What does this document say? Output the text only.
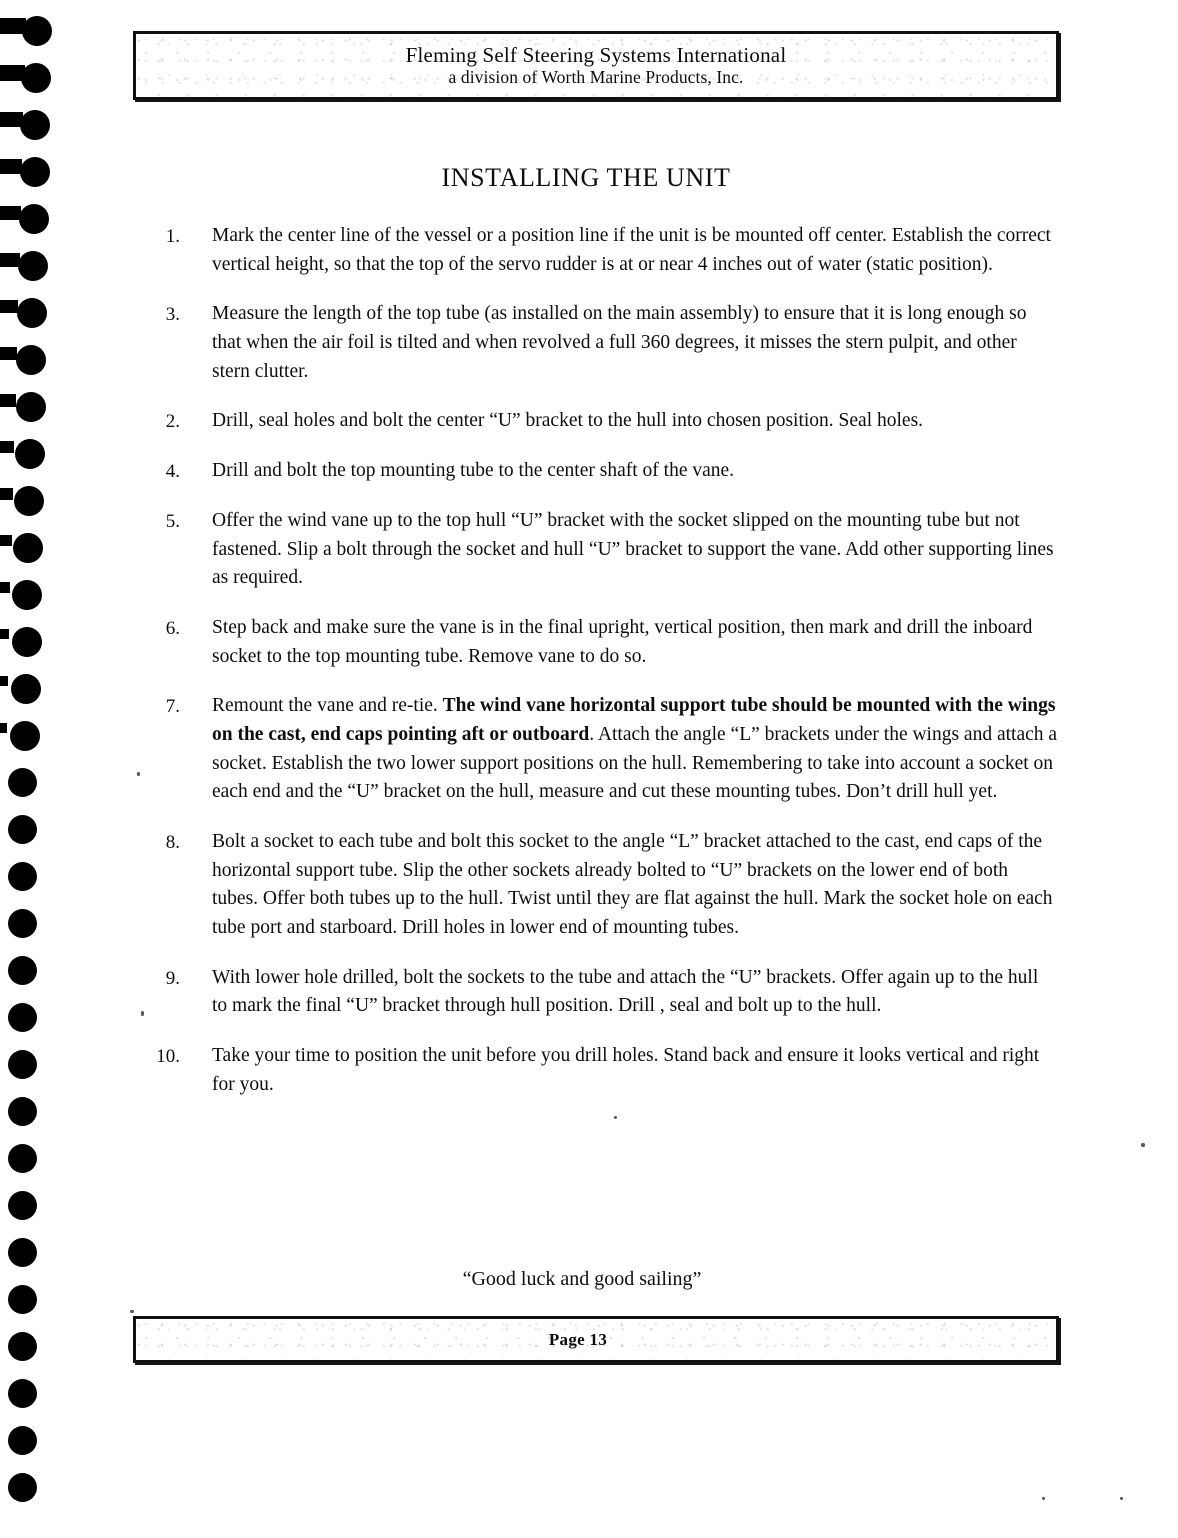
Fleming Self Steering Systems International
a division of Worth Marine Products, Inc.
INSTALLING THE UNIT
1.	Mark the center line of the vessel or a position line if the unit is be mounted off center. Establish the correct vertical height, so that the top of the servo rudder is at or near 4 inches out of water (static position).
3.	Measure the length of the top tube (as installed on the main assembly) to ensure that it is long enough so that when the air foil is tilted and when revolved a full 360 degrees, it misses the stern pulpit, and other stern clutter.
2.	Drill, seal holes and bolt the center “U” bracket to the hull into chosen position. Seal holes.
4.	Drill and bolt the top mounting tube to the center shaft of the vane.
5.	Offer the wind vane up to the top hull “U” bracket with the socket slipped on the mounting tube but not fastened. Slip a bolt through the socket and hull “U” bracket to support the vane. Add other supporting lines as required.
6.	Step back and make sure the vane is in the final upright, vertical position, then mark and drill the inboard socket to the top mounting tube. Remove vane to do so.
7.	Remount the vane and re-tie. The wind vane horizontal support tube should be mounted with the wings on the cast, end caps pointing aft or outboard. Attach the angle “L” brackets under the wings and attach a socket. Establish the two lower support positions on the hull. Remembering to take into account a socket on each end and the “U” bracket on the hull, measure and cut these mounting tubes. Don’t drill hull yet.
8.	Bolt a socket to each tube and bolt this socket to the angle “L” bracket attached to the cast, end caps of the horizontal support tube. Slip the other sockets already bolted to “U” brackets on the lower end of both tubes. Offer both tubes up to the hull. Twist until they are flat against the hull. Mark the socket hole on each tube port and starboard. Drill holes in lower end of mounting tubes.
9.	With lower hole drilled, bolt the sockets to the tube and attach the “U” brackets. Offer again up to the hull to mark the final “U” bracket through hull position. Drill , seal and bolt up to the hull.
10.	Take your time to position the unit before you drill holes. Stand back and ensure it looks vertical and right for you.
“Good luck and good sailing”
Page 13
